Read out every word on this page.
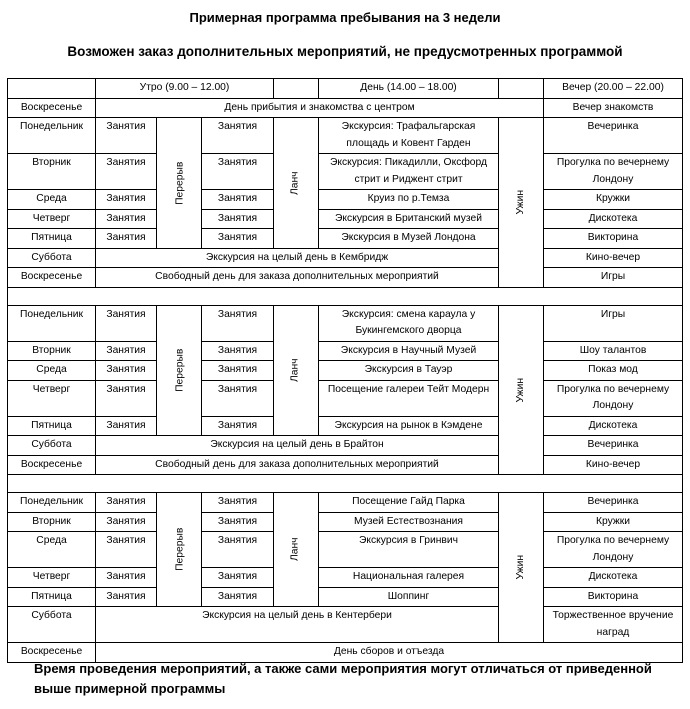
Примерная программа пребывания на 3 недели
Возможен заказ дополнительных мероприятий, не предусмотренных программой
	Утро (9.00 – 12.00)				День (14.00 – 18.00)		Вечер (20.00 – 22.00)
Воскресенье	День прибытия и знакомства с центром						Вечер знакомств
Понедельник	Занятия	Перерыв	Занятия	Ланч	Экскурсия: Трафальгарская площадь и Ковент Гарден	Ужин	Вечеринка
Вторник	Занятия		Занятия		Экскурсия: Пикадилли, Оксфорд стрит и Риджент стрит		Прогулка по вечернему Лондону
Среда	Занятия		Занятия		Круиз по р.Темза		Кружки
Четверг	Занятия		Занятия		Экскурсия в Британский музей		Дискотека
Пятница	Занятия		Занятия		Экскурсия в Музей Лондона		Викторина
Суббота	Экскурсия на целый день в Кембридж						Кино-вечер
Воскресенье	Свободный день для заказа дополнительных мероприятий						Игры

Понедельник	Занятия	Перерыв	Занятия	Ланч	Экскурсия: смена караула у Букингемского дворца	Ужин	Игры
Вторник	Занятия		Занятия		Экскурсия в Научный Музей		Шоу талантов
Среда	Занятия		Занятия		Экскурсия в Тауэр		Показ мод
Четверг	Занятия		Занятия		Посещение галереи Тейт Модерн		Прогулка по вечернему Лондону
Пятница	Занятия		Занятия		Экскурсия на рынок в Кэмдене		Дискотека
Суббота	Экскурсия на целый день в Брайтон						Вечеринка
Воскресенье	Свободный день для заказа дополнительных мероприятий						Кино-вечер

Понедельник	Занятия	Перерыв	Занятия	Ланч	Посещение Гайд Парка	Ужин	Вечеринка
Вторник	Занятия		Занятия		Музей Естествознания		Кружки
Среда	Занятия		Занятия		Экскурсия в Гринвич		Прогулка по вечернему Лондону
Четверг	Занятия		Занятия		Национальная галерея		Дискотека
Пятница	Занятия		Занятия		Шоппинг		Викторина
Суббота	Экскурсия на целый день в Кентербери						Торжественное вручение наград
Воскресенье	День сборов и отъезда						
Время проведения мероприятий, а также сами мероприятия могут отличаться от приведенной выше примерной программы
